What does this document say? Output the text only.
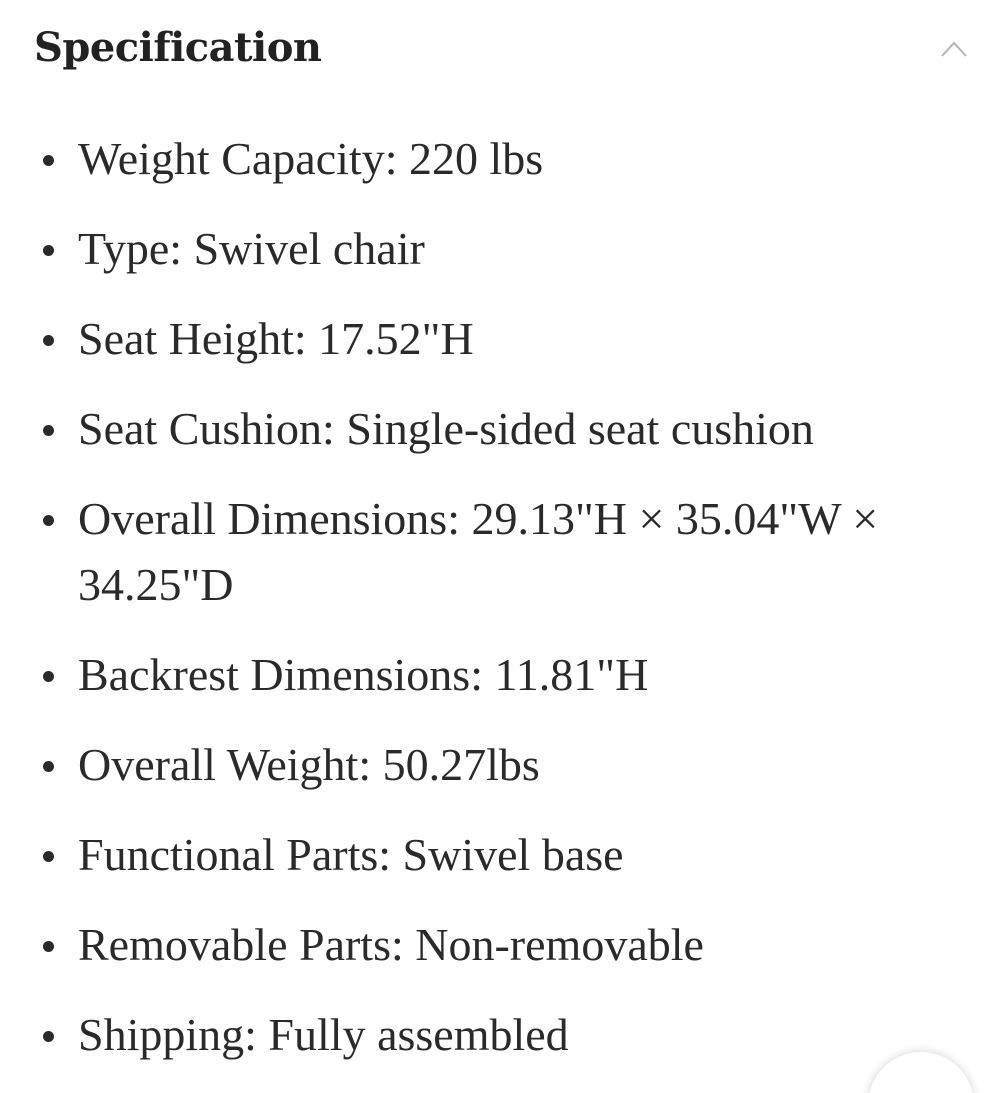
Specification
Weight Capacity: 220 lbs
Type: Swivel chair
Seat Height: 17.52"H
Seat Cushion: Single-sided seat cushion
Overall Dimensions: 29.13"H × 35.04"W × 34.25"D
Backrest Dimensions: 11.81"H
Overall Weight: 50.27lbs
Functional Parts: Swivel base
Removable Parts: Non-removable
Shipping: Fully assembled
